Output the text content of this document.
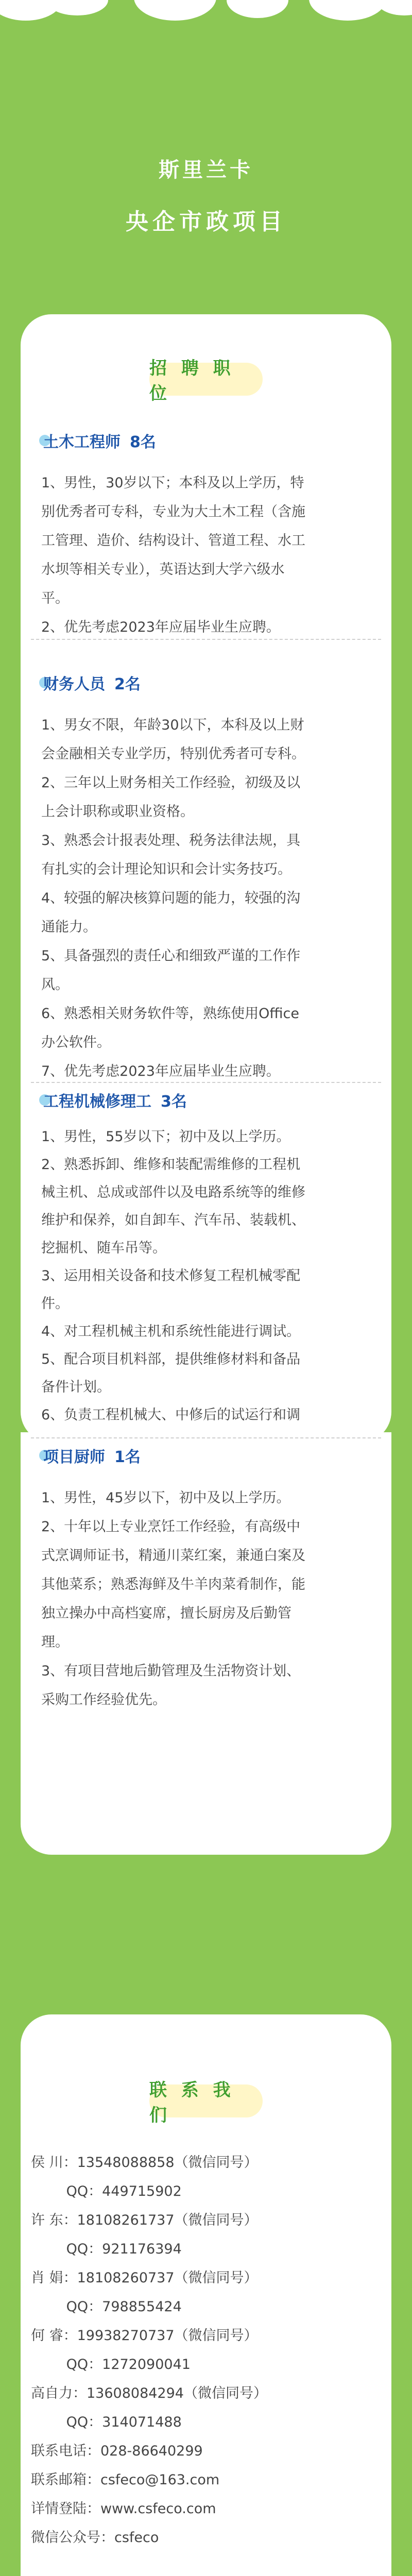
斯里兰卡
央企市政项目
招 聘 职 位
土木工程师 8名
1、男性，30岁以下；本科及以上学历，特
别优秀者可专科，专业为大土木工程（含施
工管理、造价、结构设计、管道工程、水工
水坝等相关专业），英语达到大学六级水
平。
2、优先考虑2023年应届毕业生应聘。
财务人员 2名
1、男女不限，年龄30以下，本科及以上财
会金融相关专业学历，特别优秀者可专科。
2、三年以上财务相关工作经验，初级及以
上会计职称或职业资格。
3、熟悉会计报表处理、税务法律法规，具
有扎实的会计理论知识和会计实务技巧。
4、较强的解决核算问题的能力，较强的沟
通能力。
5、具备强烈的责任心和细致严谨的工作作
风。
6、熟悉相关财务软件等，熟练使用Office
办公软件。
7、优先考虑2023年应届毕业生应聘。
工程机械修理工 3名
1、男性，55岁以下；初中及以上学历。
2、熟悉拆卸、维修和装配需维修的工程机
械主机、总成或部件以及电路系统等的维修
维护和保养，如自卸车、汽车吊、装载机、
挖掘机、随车吊等。
3、运用相关设备和技术修复工程机械零配
件。
4、对工程机械主机和系统性能进行调试。
5、配合项目机料部，提供维修材料和备品
备件计划。
6、负责工程机械大、中修后的试运行和调
项目厨师 1名
1、男性，45岁以下，初中及以上学历。
2、十年以上专业烹饪工作经验，有高级中
式烹调师证书，精通川菜红案，兼通白案及
其他菜系；熟悉海鲜及牛羊肉菜肴制作，能
独立操办中高档宴席，擅长厨房及后勤管
理。
3、有项目营地后勤管理及生活物资计划、
采购工作经验优先。
联 系 我 们
侯 川：13548088858（微信同号）
QQ：449715902
许 东：18108261737（微信同号）
QQ：921176394
肖 娟：18108260737（微信同号）
QQ：798855424
何 睿：19938270737（微信同号）
QQ：1272090041
高自力：13608084294（微信同号）
QQ：314071488
联系电话：028-86640299
联系邮箱：csfeco@163.com
详情登陆：www.csfeco.com
微信公众号：csfeco
